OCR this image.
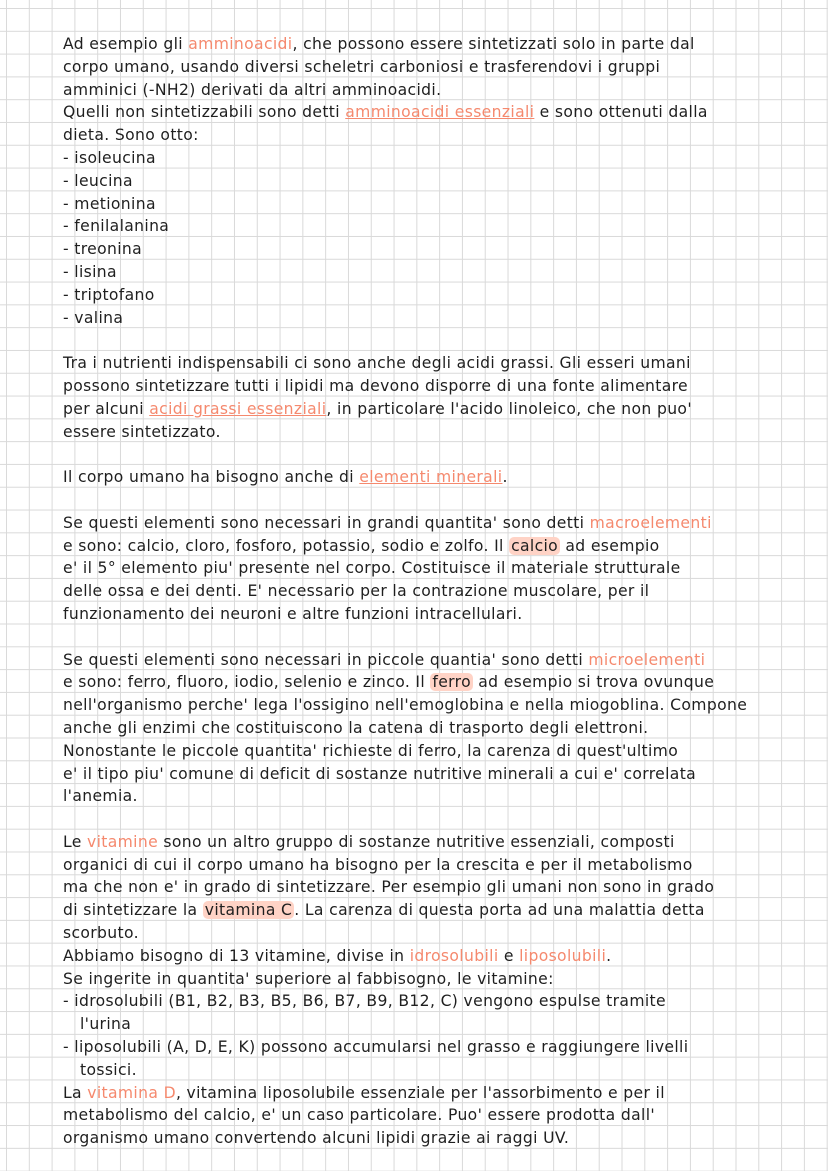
Ad esempio gli amminoacidi, che possono essere sintetizzati solo in parte dal
corpo umano, usando diversi scheletri carboniosi e trasferendovi i gruppi
amminici (-NH2) derivati da altri amminoacidi.
Quelli non sintetizzabili sono detti amminoacidi essenziali e sono ottenuti dalla
dieta. Sono otto:
- isoleucina
- leucina
- metionina
- fenilalanina
- treonina
- lisina
- triptofano
- valina
Tra i nutrienti indispensabili ci sono anche degli acidi grassi. Gli esseri umani
possono sintetizzare tutti i lipidi ma devono disporre di una fonte alimentare
per alcuni acidi grassi essenziali, in particolare l'acido linoleico, che non puo'
essere sintetizzato.
Il corpo umano ha bisogno anche di elementi minerali.
Se questi elementi sono necessari in grandi quantita' sono detti macroelementi
e sono: calcio, cloro, fosforo, potassio, sodio e zolfo. Il calcio ad esempio
e' il 5° elemento piu' presente nel corpo. Costituisce il materiale strutturale
delle ossa e dei denti. E' necessario per la contrazione muscolare, per il
funzionamento dei neuroni e altre funzioni intracellulari.
Se questi elementi sono necessari in piccole quantia' sono detti microelementi
e sono: ferro, fluoro, iodio, selenio e zinco. Il ferro ad esempio si trova ovunque
nell'organismo perche' lega l'ossigino nell'emoglobina e nella miogoblina. Compone
anche gli enzimi che costituiscono la catena di trasporto degli elettroni.
Nonostante le piccole quantita' richieste di ferro, la carenza di quest'ultimo
e' il tipo piu' comune di deficit di sostanze nutritive minerali a cui e' correlata
l'anemia.
Le vitamine sono un altro gruppo di sostanze nutritive essenziali, composti
organici di cui il corpo umano ha bisogno per la crescita e per il metabolismo
ma che non e' in grado di sintetizzare. Per esempio gli umani non sono in grado
di sintetizzare la vitamina C . La carenza di questa porta ad una malattia detta
scorbuto.
Abbiamo bisogno di 13 vitamine, divise in idrosolubili e liposolubili.
Se ingerite in quantita' superiore al fabbisogno, le vitamine:
- idrosolubili (B1, B2, B3, B5, B6, B7, B9, B12, C) vengono espulse tramite
l'urina
- liposolubili (A, D, E, K) possono accumularsi nel grasso e raggiungere livelli
tossici.
La vitamina D, vitamina liposolubile essenziale per l'assorbimento e per il
metabolismo del calcio, e' un caso particolare. Puo' essere prodotta dall'
organismo umano convertendo alcuni lipidi grazie ai raggi UV.
